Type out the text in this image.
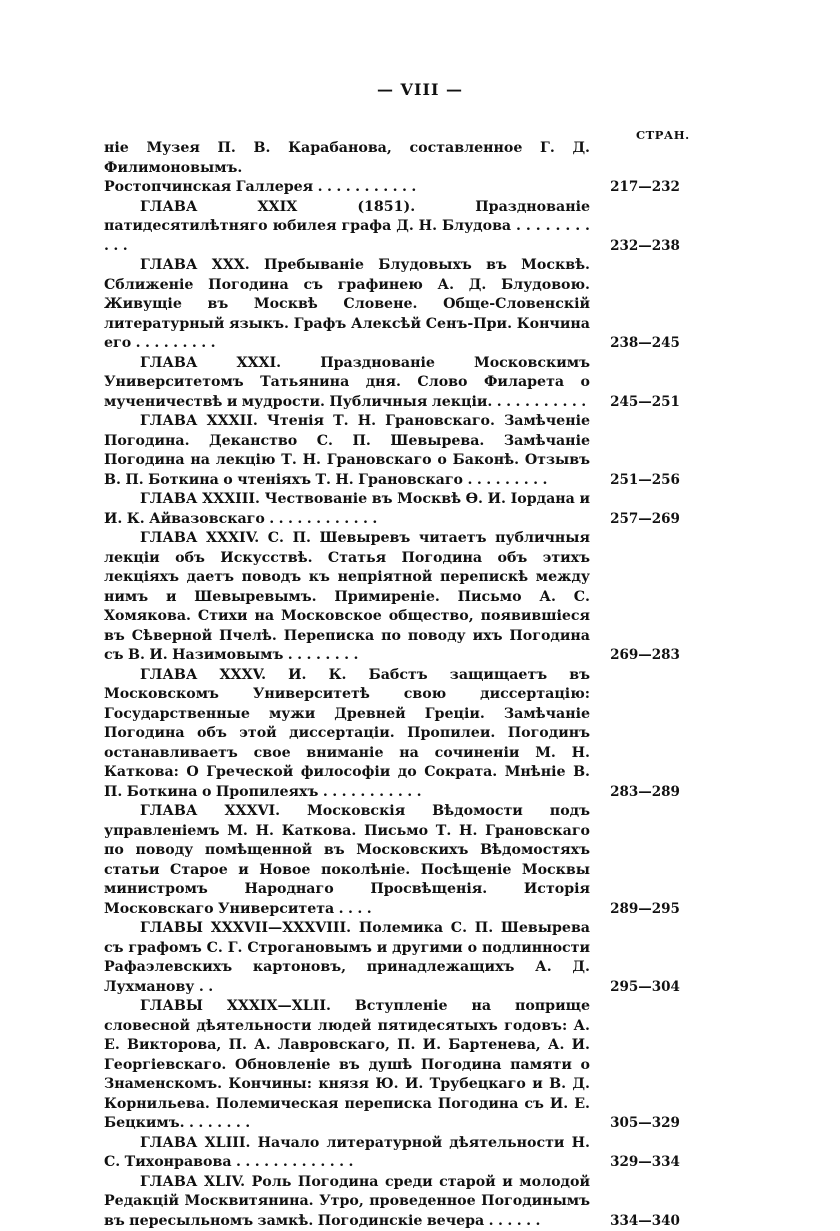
— VIII —
СТРАН.
ніе Музея П. В. Карабанова, составленное Г. Д. Филимоновымъ.
Ростопчинская Галлерея . . . . . . . . . . .	217—232
ГЛАВА XXIX (1851). Празднованіе патидесятилѣтняго юбилея графа Д. Н. Блудова . . . . . . . . . . .	232—238
ГЛАВА XXX. Пребываніе Блудовыхъ въ Москвѣ. Сближеніе Погодина съ графинею А. Д. Блудовою. Живущіе въ Москвѣ Словене. Обще-Словенскій литературный языкъ. Графъ Алексѣй Сенъ-При. Кончина его . . . . . . . . .	238—245
ГЛАВА XXXI. Празднованіе Московскимъ Университетомъ Татьянина дня. Слово Филарета о мученичествѣ и мудрости. Публичныя лекціи. . . . . . . . . . .	245—251
ГЛАВА XXXII. Чтенія Т. Н. Грановскаго. Замѣченіе Погодина. Деканство С. П. Шевырева. Замѣчаніе Погодина на лекцію Т. Н. Грановскаго о Баконѣ. Отзывъ В. П. Боткина о чтеніяхъ Т. Н. Грановскаго . . . . . . . . .	251—256
ГЛАВА XXXIII. Чествованіе въ Москвѣ Ѳ. И. Іордана и И. К. Айвазовскаго . . . . . . . . . . . .	257—269
ГЛАВА XXXIV. С. П. Шевыревъ читаетъ публичныя лекціи объ Искусствѣ. Статья Погодина объ этихъ лекціяхъ даетъ поводъ къ непріятной перепискѣ между нимъ и Шевыревымъ. Примиреніе. Письмо А. С. Хомякова. Стихи на Московское общество, появившіеся въ Сѣверной Пчелѣ. Переписка по поводу ихъ Погодина съ В. И. Назимовымъ . . . . . . . .	269—283
ГЛАВА XXXV. И. К. Бабстъ защищаетъ въ Московскомъ Университетѣ свою диссертацію: Государственные мужи Древней Греціи. Замѣчаніе Погодина объ этой диссертаціи. Пропилеи. Погодинъ останавливаетъ свое вниманіе на сочиненіи М. Н. Каткова: О Греческой философіи до Сократа. Мнѣніе В. П. Боткина о Пропилеяхъ . . . . . . . . . . .	283—289
ГЛАВА XXXVI. Московскія Вѣдомости подъ управленіемъ М. Н. Каткова. Письмо Т. Н. Грановскаго по поводу помѣщенной въ Московскихъ Вѣдомостяхъ статьи Старое и Новое поколѣніе. Посѣщеніе Москвы министромъ Народнаго Просвѣщенія. Исторія Московскаго Университета . . . .	289—295
ГЛАВЫ XXXVII—XXXVIII. Полемика С. П. Шевырева съ графомъ С. Г. Строгановымъ и другими о подлинности Рафаэлевскихъ картоновъ, принадлежащихъ А. Д. Лухманову . .	295—304
ГЛАВЫ XXXIX—XLII. Вступленіе на поприще словесной дѣятельности людей пятидесятыхъ годовъ: А. Е. Викторова, П. А. Лавровскаго, П. И. Бартенева, А. И. Георгіевскаго. Обновленіе въ душѣ Погодина памяти о Знаменскомъ. Кончины: князя Ю. И. Трубецкаго и В. Д. Корнильева. Полемическая переписка Погодина съ И. Е. Бецкимъ. . . . . . . .	305—329
ГЛАВА XLIII. Начало литературной дѣятельности Н. С. Тихонравова . . . . . . . . . . . . .	329—334
ГЛАВА XLIV. Роль Погодина среди старой и молодой Редакцій Москвитянина. Утро, проведенное Погодинымъ въ пересыльномъ замкѣ. Погодинскіе вечера . . . . . .	334—340
